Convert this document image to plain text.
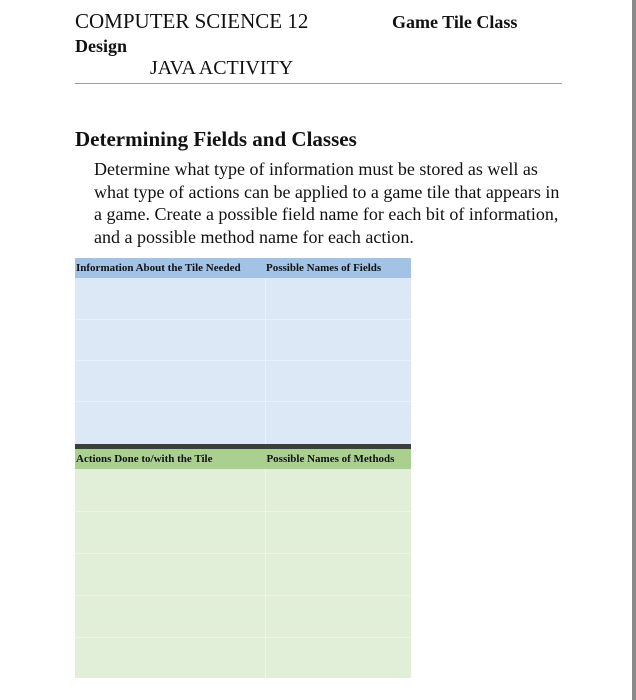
COMPUTER SCIENCE 12	Game Tile Class
Design
JAVA ACTIVITY
Determining Fields and Classes
Determine what type of information must be stored as well as what type of actions can be applied to a game tile that appears in a game. Create a possible field name for each bit of information, and a possible method name for each action.
Information About the Tile Needed	Possible Names of Fields
Actions Done to/with the Tile	Possible Names of Methods
